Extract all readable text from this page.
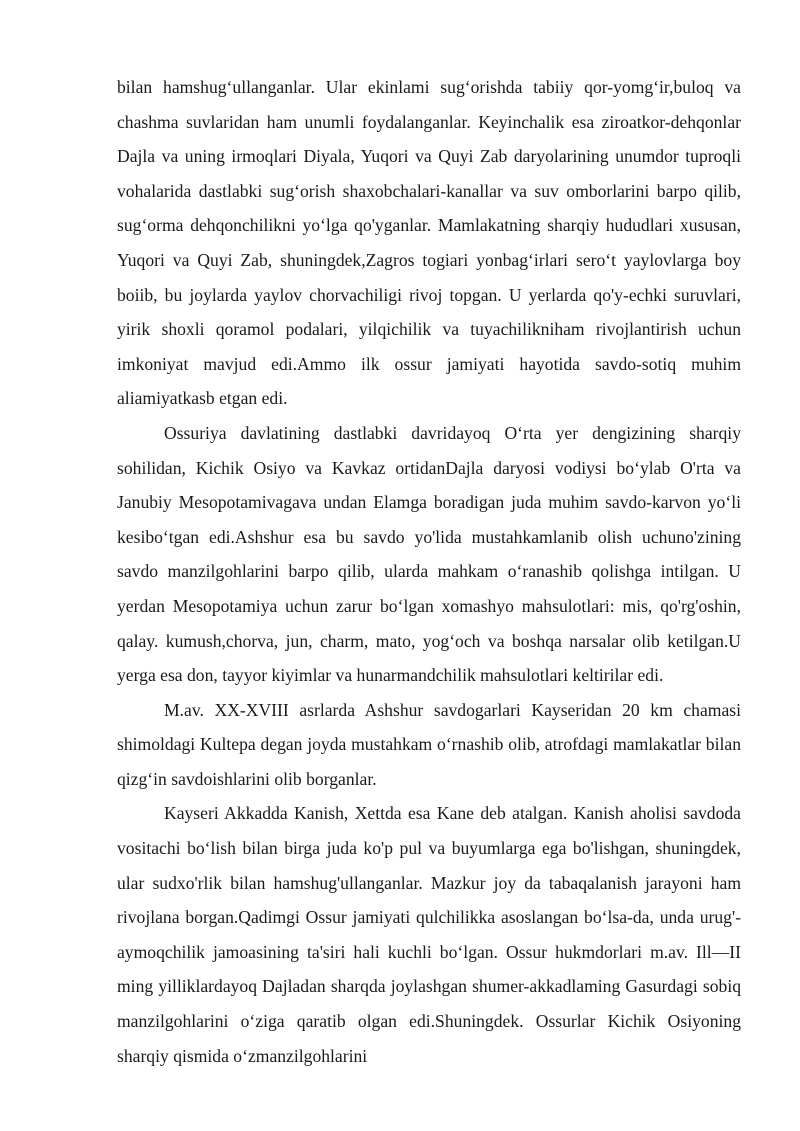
bilan hamshug‘ullanganlar. Ular ekinlami sug‘orishda tabiiy qor-yomg‘ir,buloq va chashma suvlaridan ham unumli foydalanganlar. Keyinchalik esa ziroatkor-dehqonlar Dajla va uning irmoqlari Diyala, Yuqori va Quyi Zab daryolarining unumdor tuproqli vohalarida dastlabki sug‘orish shaxobchalari-kanallar va suv omborlarini barpo qilib, sug‘orma dehqonchilikni yo‘lga qo'yganlar. Mamlakatning sharqiy hududlari xususan, Yuqori va Quyi Zab, shuningdek,Zagros togiari yonbag‘irlari sero‘t yaylovlarga boy boiib, bu joylarda yaylov chorvachiligi rivoj topgan. U yerlarda qo'y-echki suruvlari, yirik shoxli qoramol podalari, yilqichilik va tuyachilikniham rivojlantirish uchun imkoniyat mavjud edi.Ammo ilk ossur jamiyati hayotida savdo-sotiq muhim aliamiyatkasb etgan edi.

Ossuriya davlatining dastlabki davridayoq O‘rta yer dengizining sharqiy sohilidan, Kichik Osiyo va Kavkaz ortidanDajla daryosi vodiysi bo‘ylab O'rta va Janubiy Mesopotamivagava undan Elamga boradigan juda muhim savdo-karvon yo‘li kesibo‘tgan edi.Ashshur esa bu savdo yo'lida mustahkamlanib olish uchuno'zining savdo manzilgohlarini barpo qilib, ularda mahkam o‘ranashib qolishga intilgan. U yerdan Mesopotamiya uchun zarur bo‘lgan xomashyo mahsulotlari: mis, qo'rg'oshin, qalay. kumush,chorva, jun, charm, mato, yog‘och va boshqa narsalar olib ketilgan.U yerga esa don, tayyor kiyimlar va hunarmandchilik mahsulotlari keltirilar edi.

M.av. XX-XVIII asrlarda Ashshur savdogarlari Kayseridan 20 km chamasi shimoldagi Kultepa degan joyda mustahkam o‘rnashib olib, atrofdagi mamlakatlar bilan qizg‘in savdoishlarini olib borganlar.

Kayseri Akkadda Kanish, Xettda esa Kane deb atalgan. Kanish aholisi savdoda vositachi bo‘lish bilan birga juda ko'p pul va buyumlarga ega bo'lishgan, shuningdek, ular sudxo'rlik bilan hamshug'ullanganlar. Mazkur joy da tabaqalanish jarayoni ham rivojlana borgan.Qadimgi Ossur jamiyati qulchilikka asoslangan bo‘lsa-da, unda urug'-aymoqchilik jamoasining ta'siri hali kuchli bo‘lgan. Ossur hukmdorlari m.av. Ill—II ming yilliklardayoq Dajladan sharqda joylashgan shumer-akkadlaming Gasurdagi sobiq manzilgohlarini o‘ziga qaratib olgan edi.Shuningdek. Ossurlar Kichik Osiyoning sharqiy qismida o‘zmanzilgohlarini
